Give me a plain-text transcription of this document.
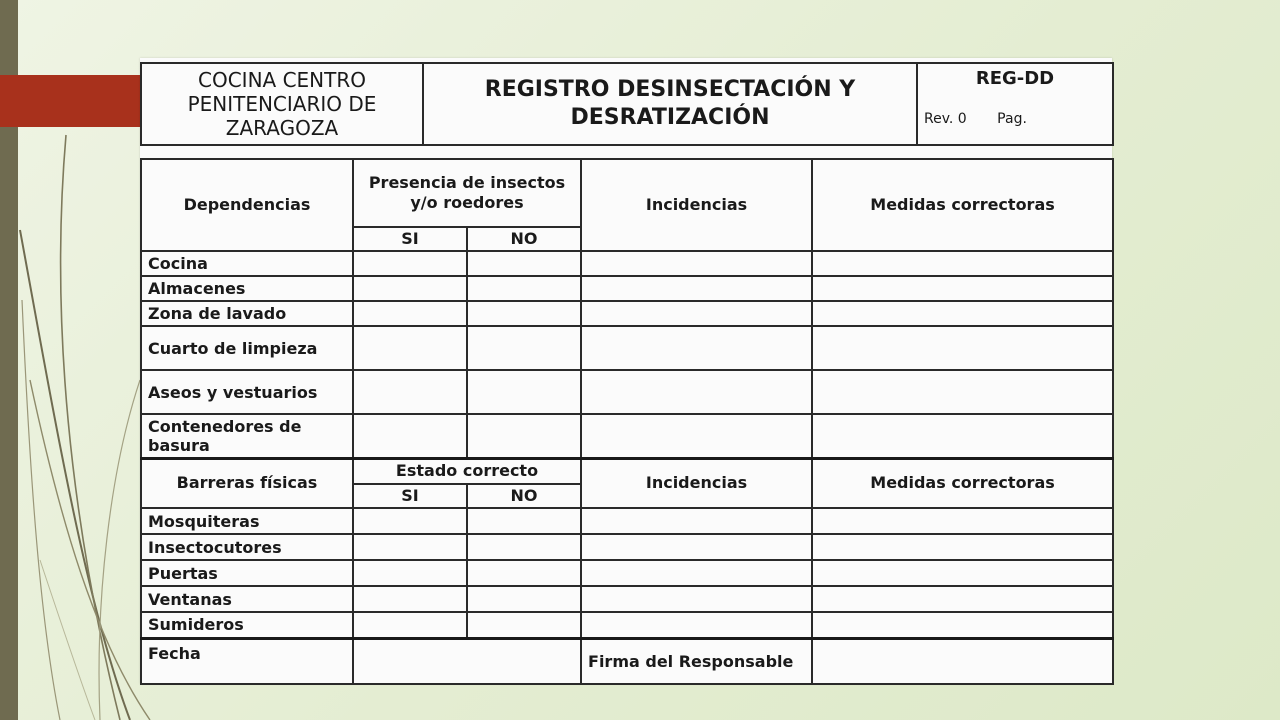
COCINA CENTRO
PENITENCIARIO DE
ZARAGOZA

REGISTRO DESINSECTACIÓN Y
DESRATIZACIÓN

REG-DD
Rev. 0 Pag.
Dependencias	Presencia de insectos y/o roedores		Incidencias	Medidas correctoras
	SI	NO		
Cocina				
Almacenes				
Zona de lavado				
Cuarto de limpieza				
Aseos y vestuarios				
Contenedores de basura				
Barreras físicas	Estado correcto		Incidencias	Medidas correctoras
	SI	NO		
Mosquiteras				
Insectocutores				
Puertas				
Ventanas				
Sumideros				
Fecha			Firma del Responsable	
